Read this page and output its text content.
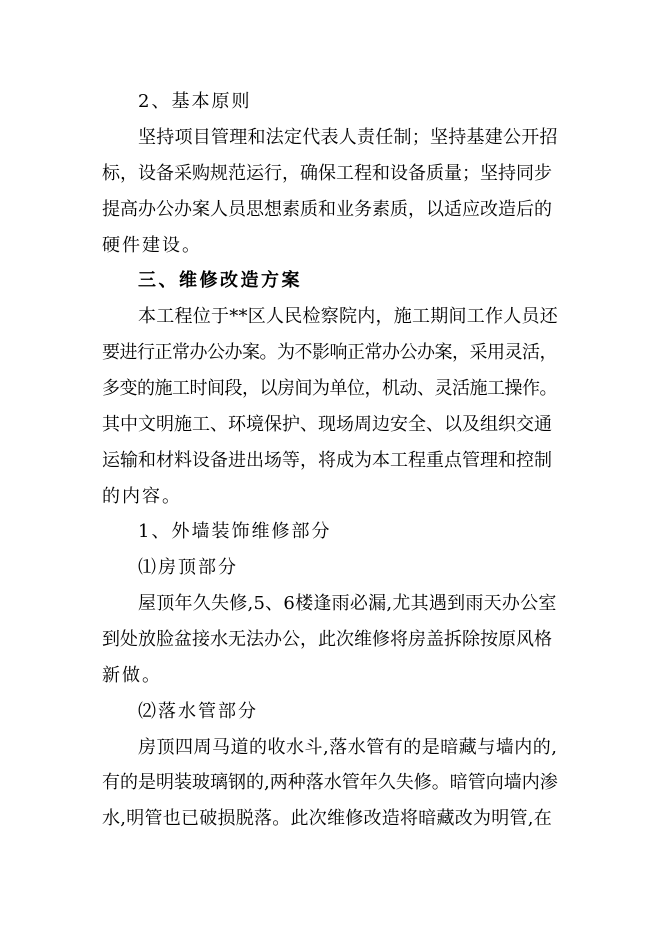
2、基本原则
坚持项目管理和法定代表人责任制；坚持基建公开招
标，设备采购规范运行，确保工程和设备质量；坚持同步
提高办公办案人员思想素质和业务素质，以适应改造后的
硬件建设。
三、维修改造方案
本工程位于**区人民检察院内，施工期间工作人员还
要进行正常办公办案。为不影响正常办公办案，采用灵活，
多变的施工时间段，以房间为单位，机动、灵活施工操作。
其中文明施工、环境保护、现场周边安全、以及组织交通
运输和材料设备进出场等，将成为本工程重点管理和控制
的内容。
1、外墙装饰维修部分
⑴房顶部分
屋顶年久失修,5、6楼逢雨必漏,尤其遇到雨天办公室
到处放脸盆接水无法办公，此次维修将房盖拆除按原风格
新做。
⑵落水管部分
房顶四周马道的收水斗,落水管有的是暗藏与墙内的,
有的是明装玻璃钢的,两种落水管年久失修。暗管向墙内渗
水,明管也已破损脱落。此次维修改造将暗藏改为明管,在
